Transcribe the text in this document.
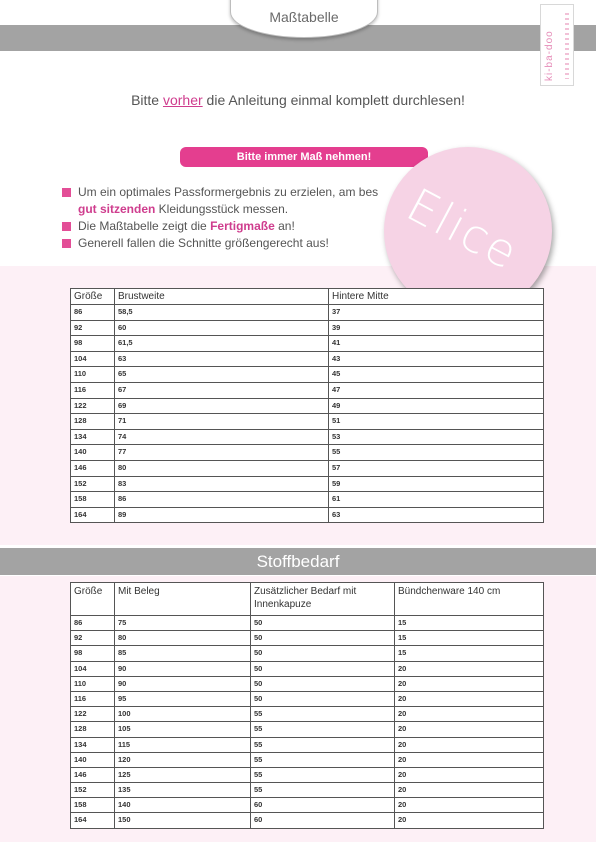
Maßtabelle
ki-ba-doo

Bitte vorher die Anleitung einmal komplett durchlesen!

Bitte immer Maß nehmen!
Um ein optimales Passformergebnis zu erzielen, am bes
gut sitzenden Kleidungsstück messen.
Die Maßtabelle zeigt die Fertigmaße an!
Generell fallen die Schnitte größengerecht aus!	Elice
Größe	Brustweite	Hintere Mitte
86	58,5	37
92	60	39
98	61,5	41
104	63	43
110	65	45
116	67	47
122	69	49
128	71	51
134	74	53
140	77	55
146	80	57
152	83	59
158	86	61
164	89	63
Stoffbedarf
Größe	Mit Beleg	Zusätzlicher Bedarf mit Innenkapuze	Bündchenware 140 cm
86	75	50	15
92	80	50	15
98	85	50	15
104	90	50	20
110	90	50	20
116	95	50	20
122	100	55	20
128	105	55	20
134	115	55	20
140	120	55	20
146	125	55	20
152	135	55	20
158	140	60	20
164	150	60	20
